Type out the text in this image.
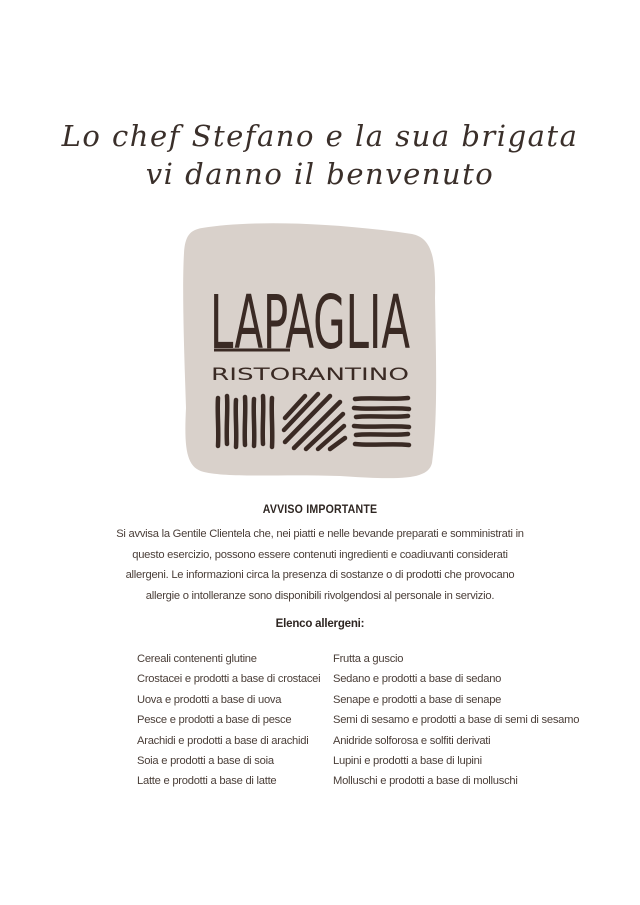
Lo chef Stefano e la sua brigata
vi danno il benvenuto
LAPAGLIA
RISTORANTINO
AVVISO IMPORTANTE
Si avvisa la Gentile Clientela che, nei piatti e nelle bevande preparati e somministrati in questo esercizio, possono essere contenuti ingredienti e coadiuvanti considerati allergeni. Le informazioni circa la presenza di sostanze o di prodotti che provocano allergie o intolleranze sono disponibili rivolgendosi al personale in servizio.
Elenco allergeni:
Cereali contenenti glutine
Crostacei e prodotti a base di crostacei
Uova e prodotti a base di uova
Pesce e prodotti a base di pesce
Arachidi e prodotti a base di arachidi
Soia e prodotti a base di soia
Latte e prodotti a base di latte
Frutta a guscio
Sedano e prodotti a base di sedano
Senape e prodotti a base di senape
Semi di sesamo e prodotti a base di semi di sesamo
Anidride solforosa e solfiti derivati
Lupini e prodotti a base di lupini
Molluschi e prodotti a base di molluschi
